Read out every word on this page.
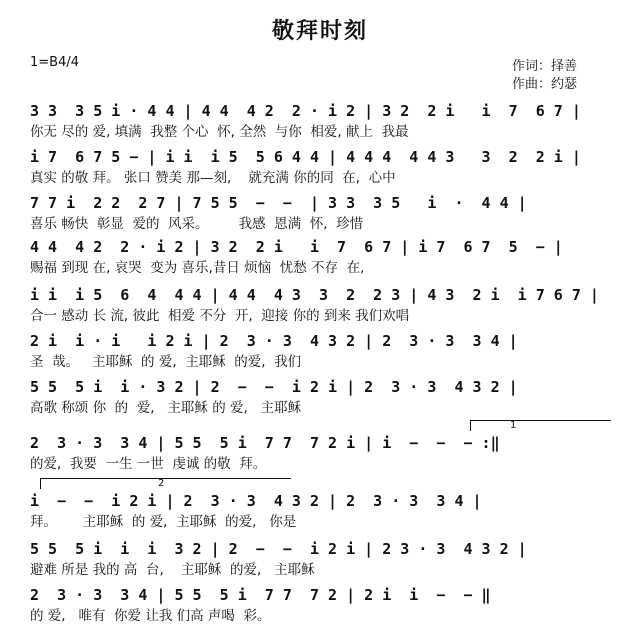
敬拜时刻
1=B4/4	作词：择善
作曲：约瑟
3 3  3 5 i · 4 4 | 4 4  4 2  2 · i 2 | 3 2  2 i   i  7  6 7 |
你无 尽的 爱, 填满  我整 个心  怀, 全然  与你  相爱, 献上  我最
i 7  6 7 5 − | i i  i 5  5 6 4 4 | 4 4 4  4 4 3   3  2  2 i |
真实 的敬 拜。 张口 赞美 那—刻,    就充满 你的同  在,  心中
7 7 i  2 2  2 7 | 7 5 5  −  −  | 3 3  3 5   i  ·  4 4 |
喜乐 畅快  彰显  爱的  风采。       我感  恩满  怀,  珍惜
4 4  4 2  2 · i 2 | 3 2  2 i   i  7  6 7 | i 7  6 7  5  − |
赐福 到现 在, 哀哭  变为 喜乐,昔日 烦恼  忧愁 不存  在,
i i  i 5  6  4  4 4 | 4 4  4 3  3  2  2 3 | 4 3  2 i  i 7 6 7 |
合一 感动 长 流, 彼此  相爱 不分  开,  迎接 你的 到来 我们欢唱
2 i  i · i   i 2 i | 2  3 · 3  4 3 2 | 2  3 · 3  3 4 |
圣  哉。   主耶稣  的 爱,  主耶稣  的爱,  我们
5 5  5 i  i · 3 2 | 2  −  −  i 2 i | 2  3 · 3  4 3 2 |
高歌 称颂 你  的  爱,   主耶稣 的 爱,   主耶稣
1
2  3 · 3  3 4 | 5 5  5 i  7 7  7 2 i | i  −  −  − :‖
的爱,  我要  一生 一世  虔诚 的敬  拜。
2
i  −  −  i 2 i | 2  3 · 3  4 3 2 | 2  3 · 3  3 4 |
拜。      主耶稣  的 爱,  主耶稣  的爱,   你是
5 5  5 i  i  i  3 2 | 2  −  −  i 2 i | 2 3 · 3  4 3 2 |
避难 所是 我的 高  台,    主耶稣  的爱,   主耶稣
2  3 · 3  3 4 | 5 5  5 i  7 7  7 2 | 2 i  i  −  − ‖
的 爱,   唯有  你爱 让我 们高 声喝  彩。
